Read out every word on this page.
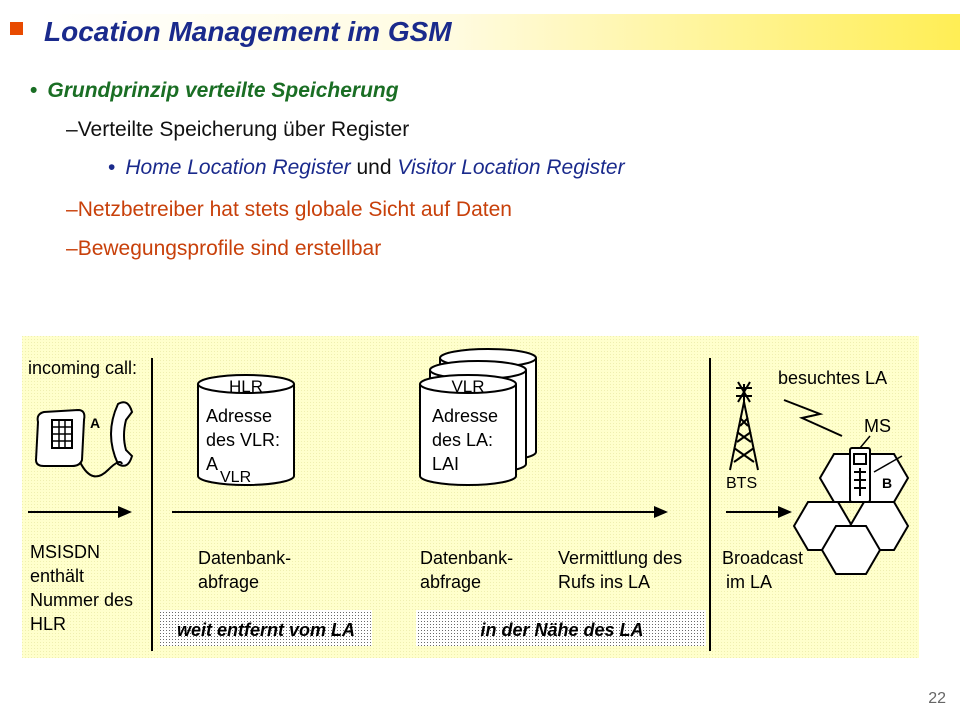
Location Management im GSM
• Grundprinzip verteilte Speicherung
–Verteilte Speicherung über Register
• Home Location Register und Visitor Location Register
–Netzbetreiber hat stets globale Sicht auf Daten
–Bewegungsprofile sind erstellbar
incoming call:
A
HLR
Adresse
des VLR:
A
VLR
VLR
Adresse
des LA:
LAI
BTS
besuchtes LA
MS
B
MSISDN
enthält
Nummer des
HLR
Datenbank-
abfrage
Datenbank-
abfrage
Vermittlung des
Rufs ins LA
Broadcast
im LA
weit entfernt vom LA	in der Nähe des LA
22
